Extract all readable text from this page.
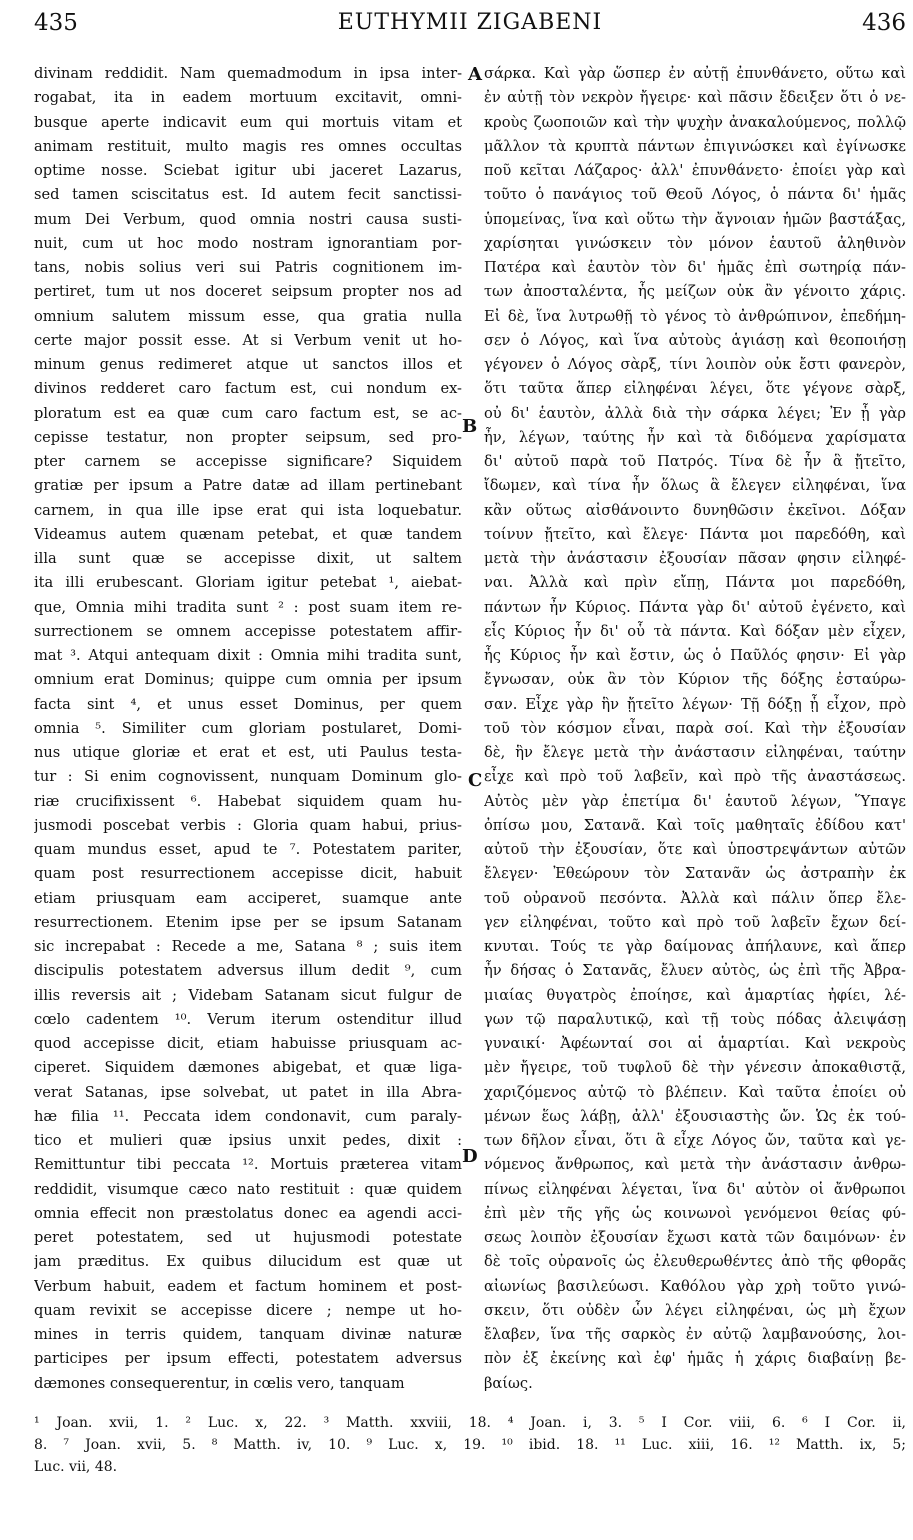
435	EUTHYMII ZIGABENI	436
divinam reddidit. Nam quemadmodum in ipsa inter-
rogabat, ita in eadem mortuum excitavit, omni-
busque aperte indicavit eum qui mortuis vitam et
animam restituit, multo magis res omnes occultas
optime nosse. Sciebat igitur ubi jaceret Lazarus,
sed tamen sciscitatus est. Id autem fecit sanctissi-
mum Dei Verbum, quod omnia nostri causa susti-
nuit, cum ut hoc modo nostram ignorantiam por-
tans, nobis solius veri sui Patris cognitionem im-
pertiret, tum ut nos doceret seipsum propter nos ad
omnium salutem missum esse, qua gratia nulla
certe major possit esse. At si Verbum venit ut ho-
minum genus redimeret atque ut sanctos illos et
divinos redderet caro factum est, cui nondum ex-
ploratum est ea quæ cum caro factum est, se ac-
cepisse testatur, non propter seipsum, sed pro-
pter carnem se accepisse significare? Siquidem
gratiæ per ipsum a Patre datæ ad illam pertinebant
carnem, in qua ille ipse erat qui ista loquebatur.
Videamus autem quænam petebat, et quæ tandem
illa sunt quæ se accepisse dixit, ut saltem
ita illi erubescant. Gloriam igitur petebat ¹, aiebat-
que, Omnia mihi tradita sunt ² : post suam item re-
surrectionem se omnem accepisse potestatem affir-
mat ³. Atqui antequam dixit : Omnia mihi tradita sunt,
omnium erat Dominus; quippe cum omnia per ipsum
facta sint ⁴, et unus esset Dominus, per quem
omnia ⁵. Similiter cum gloriam postularet, Domi-
nus utique gloriæ et erat et est, uti Paulus testa-
tur : Si enim cognovissent, nunquam Dominum glo-
riæ crucifixissent ⁶. Habebat siquidem quam hu-
jusmodi poscebat verbis : Gloria quam habui, prius-
quam mundus esset, apud te ⁷. Potestatem pariter,
quam post resurrectionem accepisse dicit, habuit
etiam priusquam eam acciperet, suamque ante
resurrectionem. Etenim ipse per se ipsum Satanam
sic increpabat : Recede a me, Satana ⁸ ; suis item
discipulis potestatem adversus illum dedit ⁹, cum
illis reversis ait ; Videbam Satanam sicut fulgur de
cœlo cadentem ¹⁰. Verum iterum ostenditur illud
quod accepisse dicit, etiam habuisse priusquam ac-
ciperet. Siquidem dæmones abigebat, et quæ liga-
verat Satanas, ipse solvebat, ut patet in illa Abra-
hæ filia ¹¹. Peccata idem condonavit, cum paraly-
tico et mulieri quæ ipsius unxit pedes, dixit :
Remittuntur tibi peccata ¹². Mortuis præterea vitam
reddidit, visumque cæco nato restituit : quæ quidem
omnia effecit non præstolatus donec ea agendi acci-
peret potestatem, sed ut hujusmodi potestate
jam præditus. Ex quibus dilucidum est quæ ut
Verbum habuit, eadem et factum hominem et post-
quam revixit se accepisse dicere ; nempe ut ho-
mines in terris quidem, tanquam divinæ naturæ
participes per ipsum effecti, potestatem adversus
dæmones consequerentur, in cœlis vero, tanquam
σάρκα. Καὶ γὰρ ὥσπερ ἐν αὐτῇ ἐπυνθάνετο, οὕτω καὶ
ἐν αὐτῇ τὸν νεκρὸν ἤγειρε· καὶ πᾶσιν ἔδειξεν ὅτι ὁ νε-
κροὺς ζωοποιῶν καὶ τὴν ψυχὴν ἀνακαλούμενος, πολλῷ
μᾶλλον τὰ κρυπτὰ πάντων ἐπιγινώσκει καὶ ἐγίνωσκε
ποῦ κεῖται Λάζαρος· ἀλλ' ἐπυνθάνετο· ἐποίει γὰρ καὶ
τοῦτο ὁ πανάγιος τοῦ Θεοῦ Λόγος, ὁ πάντα δι' ἡμᾶς
ὑπομείνας, ἵνα καὶ οὕτω τὴν ἄγνοιαν ἡμῶν βαστάξας,
χαρίσηται γινώσκειν τὸν μόνον ἑαυτοῦ ἀληθινὸν
Πατέρα καὶ ἑαυτὸν τὸν δι' ἡμᾶς ἐπὶ σωτηρίᾳ πάν-
των ἀποσταλέντα, ἧς μείζων οὐκ ἂν γένοιτο χάρις.
Εἰ δὲ, ἵνα λυτρωθῇ τὸ γένος τὸ ἀνθρώπινον, ἐπεδήμη-
σεν ὁ Λόγος, καὶ ἵνα αὐτοὺς ἁγιάσῃ καὶ θεοποιήσῃ
γέγονεν ὁ Λόγος σὰρξ, τίνι λοιπὸν οὐκ ἔστι φανερὸν,
ὅτι ταῦτα ἅπερ εἰληφέναι λέγει, ὅτε γέγονε σὰρξ,
οὐ δι' ἑαυτὸν, ἀλλὰ διὰ τὴν σάρκα λέγει; Ἐν ᾗ γὰρ
ἦν, λέγων, ταύτης ἦν καὶ τὰ διδόμενα χαρίσματα
δι' αὐτοῦ παρὰ τοῦ Πατρός. Τίνα δὲ ἦν ἃ ᾔτεῖτο,
ἴδωμεν, καὶ τίνα ἦν ὅλως ἃ ἔλεγεν εἰληφέναι, ἵνα
κἂν οὕτως αἰσθάνοιντο δυνηθῶσιν ἐκεῖνοι. Δόξαν
τοίνυν ᾔτεῖτο, καὶ ἔλεγε· Πάντα μοι παρεδόθη, καὶ
μετὰ τὴν ἀνάστασιν ἐξουσίαν πᾶσαν φησιν εἰληφέ-
ναι. Ἀλλὰ καὶ πρὶν εἴπῃ, Πάντα μοι παρεδόθη,
πάντων ἦν Κύριος. Πάντα γὰρ δι' αὐτοῦ ἐγένετο, καὶ
εἷς Κύριος ἦν δι' οὗ τὰ πάντα. Καὶ δόξαν μὲν εἶχεν,
ἧς Κύριος ἦν καὶ ἔστιν, ὡς ὁ Παῦλός φησιν· Εἰ γὰρ
ἔγνωσαν, οὐκ ἂν τὸν Κύριον τῆς δόξης ἐσταύρω-
σαν. Εἶχε γὰρ ἣν ᾔτεῖτο λέγων· Τῇ δόξῃ ᾗ εἶχον, πρὸ
τοῦ τὸν κόσμον εἶναι, παρὰ σοί. Καὶ τὴν ἐξουσίαν
δὲ, ἣν ἔλεγε μετὰ τὴν ἀνάστασιν εἰληφέναι, ταύτην
εἶχε καὶ πρὸ τοῦ λαβεῖν, καὶ πρὸ τῆς ἀναστάσεως.
Αὐτὸς μὲν γὰρ ἐπετίμα δι' ἑαυτοῦ λέγων, Ὕπαγε
ὀπίσω μου, Σατανᾶ. Καὶ τοῖς μαθηταῖς ἐδίδου κατ'
αὐτοῦ τὴν ἐξουσίαν, ὅτε καὶ ὑποστρεψάντων αὐτῶν
ἔλεγεν· Ἐθεώρουν τὸν Σατανᾶν ὡς ἀστραπὴν ἐκ
τοῦ οὐρανοῦ πεσόντα. Ἀλλὰ καὶ πάλιν ὅπερ ἔλε-
γεν εἰληφέναι, τοῦτο καὶ πρὸ τοῦ λαβεῖν ἔχων δεί-
κνυται. Τούς τε γὰρ δαίμονας ἀπήλαυνε, καὶ ἅπερ
ἦν δήσας ὁ Σατανᾶς, ἔλυεν αὐτὸς, ὡς ἐπὶ τῆς Ἀβρα-
μιαίας θυγατρὸς ἐποίησε, καὶ ἁμαρτίας ἠφίει, λέ-
γων τῷ παραλυτικῷ, καὶ τῇ τοὺς πόδας ἀλειψάσῃ
γυναικί· Ἀφέωνταί σοι αἱ ἁμαρτίαι. Καὶ νεκροὺς
μὲν ἤγειρε, τοῦ τυφλοῦ δὲ τὴν γένεσιν ἀποκαθιστᾷ,
χαριζόμενος αὐτῷ τὸ βλέπειν. Καὶ ταῦτα ἐποίει οὐ
μένων ἕως λάβῃ, ἀλλ' ἐξουσιαστὴς ὤν. Ὡς ἐκ τού-
των δῆλον εἶναι, ὅτι ἃ εἶχε Λόγος ὤν, ταῦτα καὶ γε-
νόμενος ἄνθρωπος, καὶ μετὰ τὴν ἀνάστασιν ἀνθρω-
πίνως εἰληφέναι λέγεται, ἵνα δι' αὐτὸν οἱ ἄνθρωποι
ἐπὶ μὲν τῆς γῆς ὡς κοινωνοὶ γενόμενοι θείας φύ-
σεως λοιπὸν ἐξουσίαν ἔχωσι κατὰ τῶν δαιμόνων· ἐν
δὲ τοῖς οὐρανοῖς ὡς ἐλευθερωθέντες ἀπὸ τῆς φθορᾶς
αἰωνίως βασιλεύωσι. Καθόλου γὰρ χρὴ τοῦτο γινώ-
σκειν, ὅτι οὐδὲν ὧν λέγει εἰληφέναι, ὡς μὴ ἔχων
ἔλαβεν, ἵνα τῆς σαρκὸς ἐν αὐτῷ λαμβανούσης, λοι-
πὸν ἐξ ἐκείνης καὶ ἐφ' ἡμᾶς ἡ χάρις διαβαίνῃ βε-
βαίως.
A
B
C
D
¹ Joan. xvii, 1. ² Luc. x, 22. ³ Matth. xxviii, 18. ⁴ Joan. i, 3. ⁵ I Cor. viii, 6. ⁶ I Cor. ii,
8. ⁷ Joan. xvii, 5. ⁸ Matth. iv, 10. ⁹ Luc. x, 19. ¹⁰ ibid. 18. ¹¹ Luc. xiii, 16. ¹² Matth. ix, 5;
Luc. vii, 48.
